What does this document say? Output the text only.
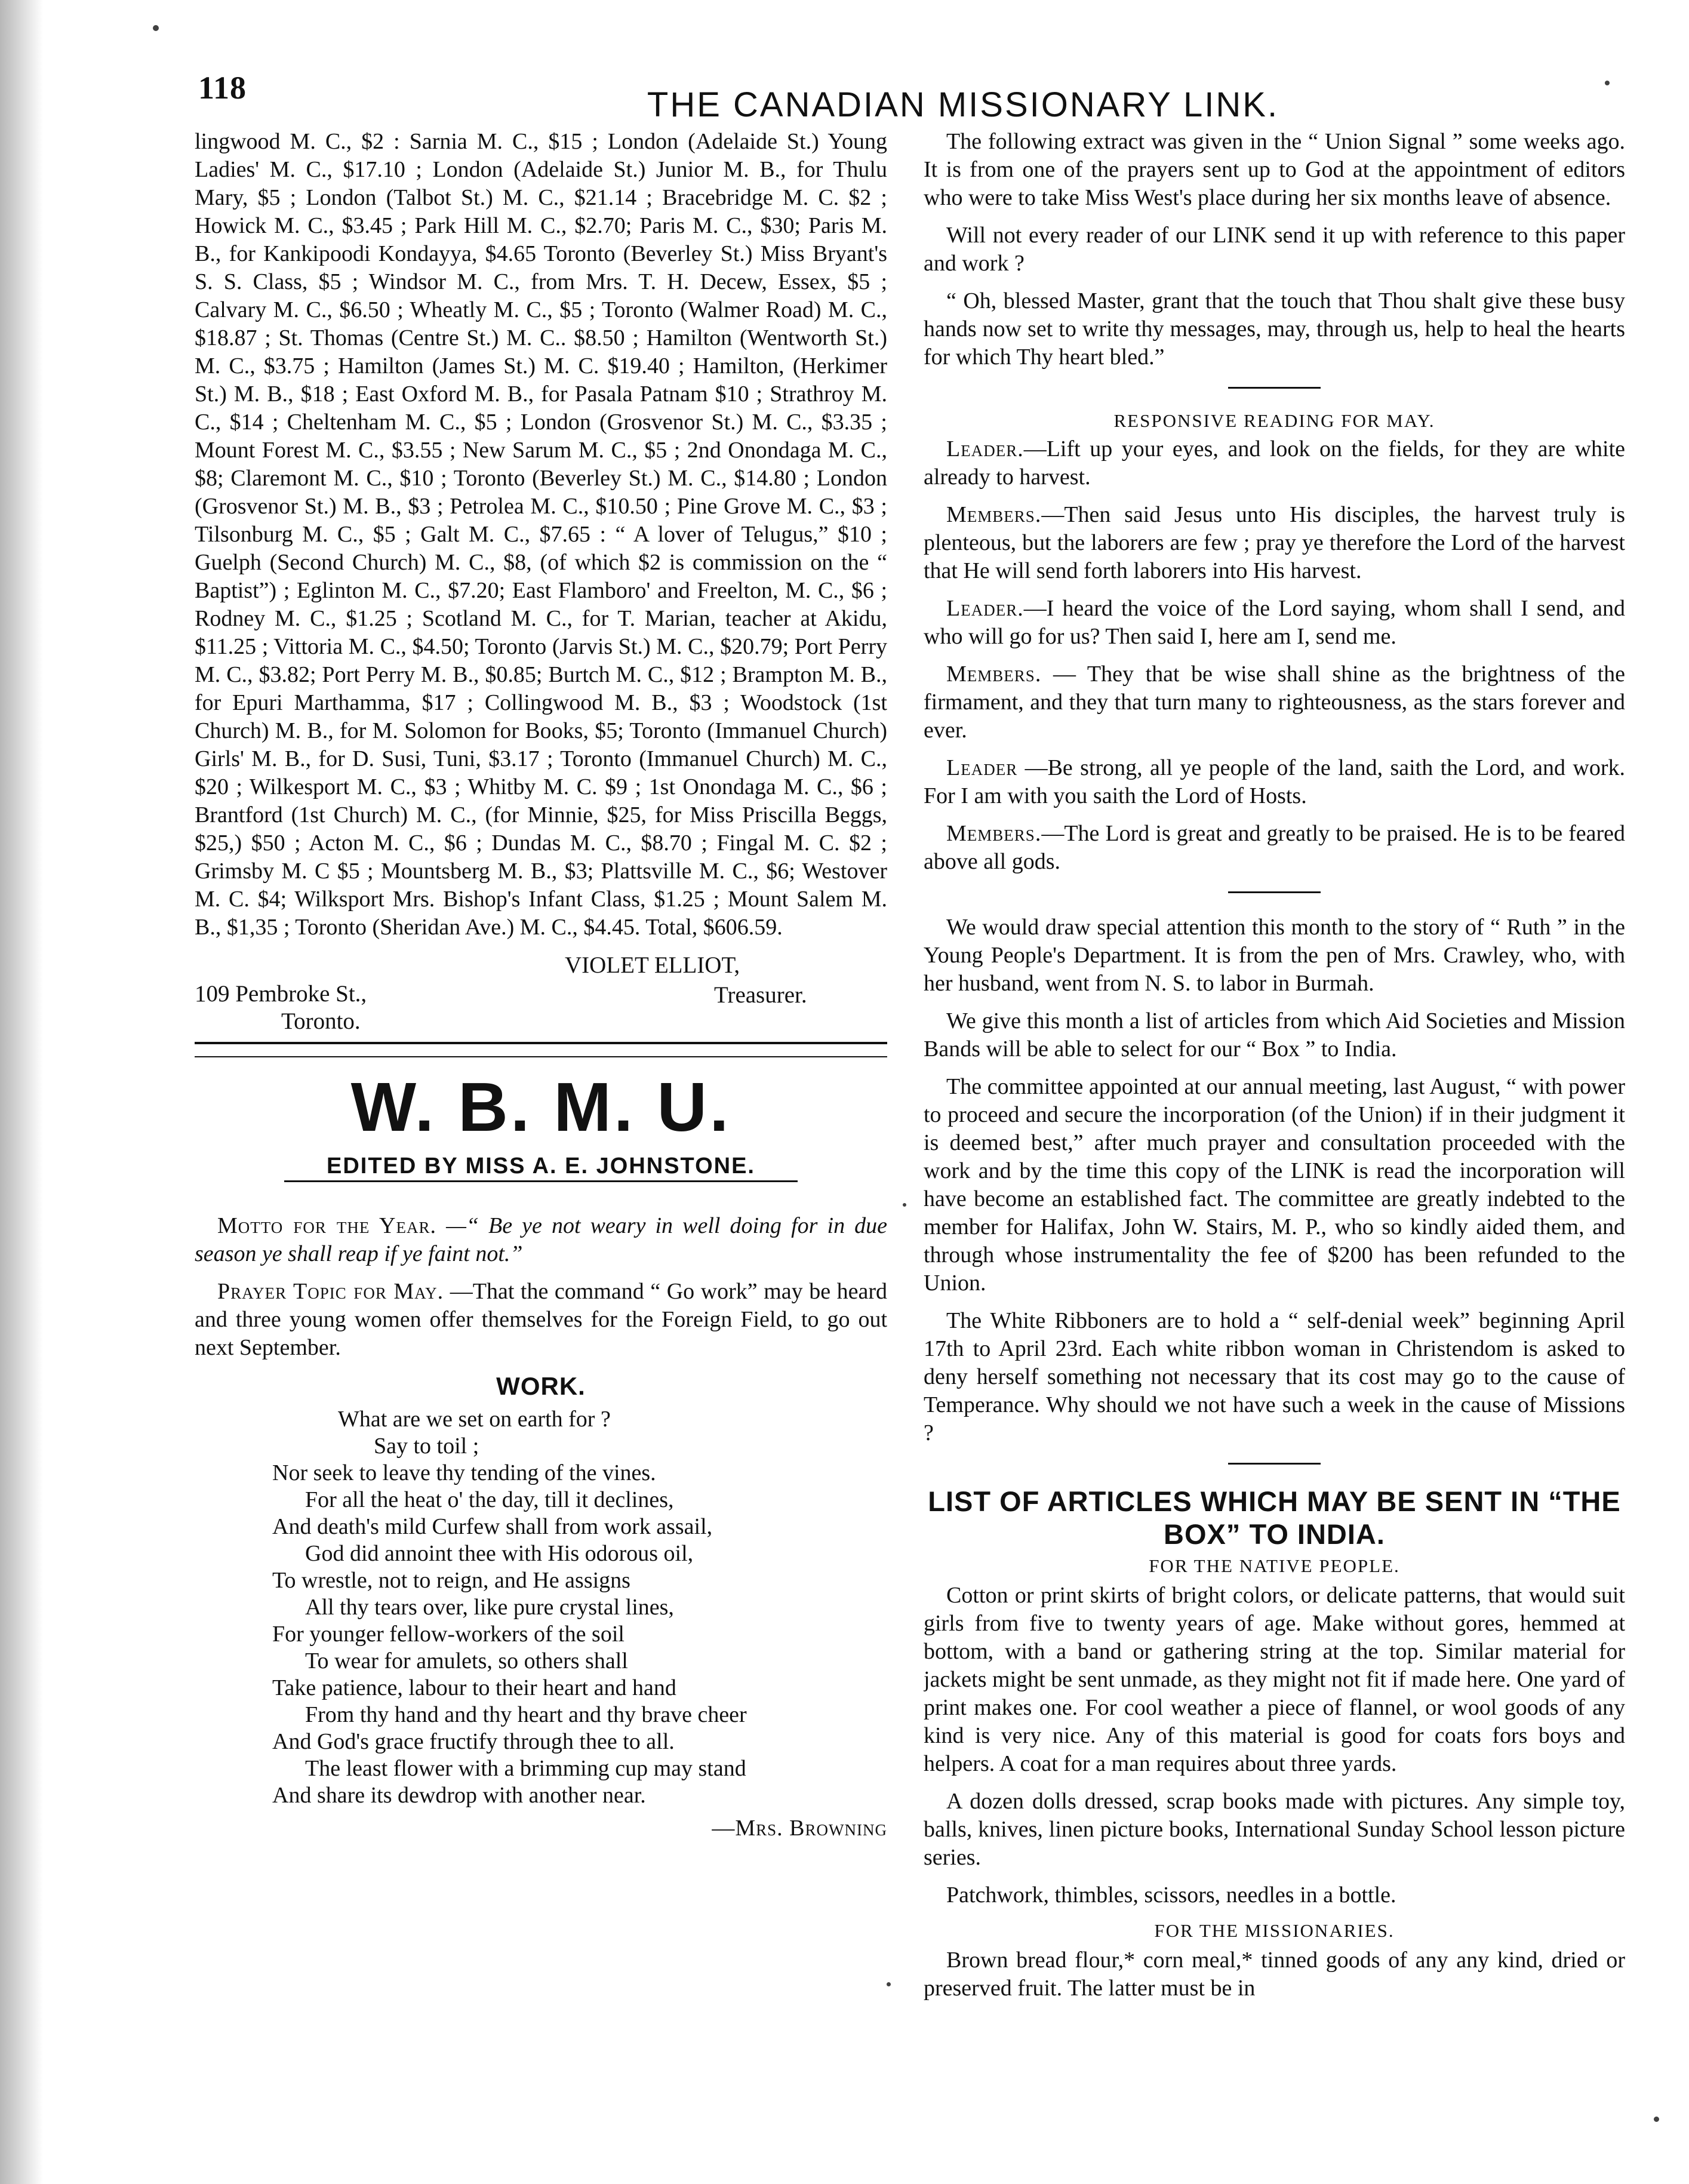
118	THE CANADIAN MISSIONARY LINK.

lingwood M. C., $2 : Sarnia M. C., $15 ; London (Adelaide St.) Young Ladies' M. C., $17.10 ; London (Adelaide St.) Junior M. B., for Thulu Mary, $5 ; London (Talbot St.) M. C., $21.14 ; Bracebridge M. C. $2 ; Howick M. C., $3.45 ; Park Hill M. C., $2.70; Paris M. C., $30; Paris M. B., for Kankipoodi Kondayya, $4.65 Toronto (Beverley St.) Miss Bryant's S. S. Class, $5 ; Windsor M. C., from Mrs. T. H. Decew, Essex, $5 ; Calvary M. C., $6.50 ; Wheatly M. C., $5 ; Toronto (Walmer Road) M. C., $18.87 ; St. Thomas (Centre St.) M. C.. $8.50 ; Hamilton (Wentworth St.) M. C., $3.75 ; Hamilton (James St.) M. C. $19.40 ; Hamilton, (Herkimer St.) M. B., $18 ; East Oxford M. B., for Pasala Patnam $10 ; Strathroy M. C., $14 ; Cheltenham M. C., $5 ; London (Grosvenor St.) M. C., $3.35 ; Mount Forest M. C., $3.55 ; New Sarum M. C., $5 ; 2nd Onondaga M. C., $8; Claremont M. C., $10 ; Toronto (Beverley St.) M. C., $14.80 ; London (Grosvenor St.) M. B., $3 ; Petrolea M. C., $10.50 ; Pine Grove M. C., $3 ; Tilsonburg M. C., $5 ; Galt M. C., $7.65 : “ A lover of Telugus,” $10 ; Guelph (Second Church) M. C., $8, (of which $2 is commission on the “ Baptist”) ; Eglinton M. C., $7.20; East Flamboro' and Freelton, M. C., $6 ; Rodney M. C., $1.25 ; Scotland M. C., for T. Marian, teacher at Akidu, $11.25 ; Vittoria M. C., $4.50; Toronto (Jarvis St.) M. C., $20.79; Port Perry M. C., $3.82; Port Perry M. B., $0.85; Burtch M. C., $12 ; Brampton M. B., for Epuri Marthamma, $17 ; Collingwood M. B., $3 ; Woodstock (1st Church) M. B., for M. Solomon for Books, $5; Toronto (Immanuel Church) Girls' M. B., for D. Susi, Tuni, $3.17 ; Toronto (Immanuel Church) M. C., $20 ; Wilkesport M. C., $3 ; Whitby M. C. $9 ; 1st Onondaga M. C., $6 ; Brantford (1st Church) M. C., (for Minnie, $25, for Miss Priscilla Beggs, $25,) $50 ; Acton M. C., $6 ; Dundas M. C., $8.70 ; Fingal M. C. $2 ; Grimsby M. C $5 ; Mountsberg M. B., $3; Plattsville M. C., $6; Westover M. C. $4; Wilksport Mrs. Bishop's Infant Class, $1.25 ; Mount Salem M. B., $1,35 ; Toronto (Sheridan Ave.) M. C., $4.45. Total, $606.59.

VIOLET ELLIOT,
Treasurer.
109 Pembroke St.,
Toronto.
W. B. M. U.
EDITED BY MISS A. E. JOHNSTONE.

Motto for the Year. —“ Be ye not weary in well doing for in due season ye shall reap if ye faint not.”

Prayer Topic for May. —That the command “ Go work” may be heard and three young women offer themselves for the Foreign Field, to go out next September.

WORK.

What are we set on earth for ?

Say to toil ;

Nor seek to leave thy tending of the vines.

For all the heat o' the day, till it declines,

And death's mild Curfew shall from work assail,

God did annoint thee with His odorous oil,

To wrestle, not to reign, and He assigns

All thy tears over, like pure crystal lines,

For younger fellow-workers of the soil

To wear for amulets, so others shall

Take patience, labour to their heart and hand

From thy hand and thy heart and thy brave cheer

And God's grace fructify through thee to all.

The least flower with a brimming cup may stand

And share its dewdrop with another near.

—Mrs. Browning

The following extract was given in the “ Union Signal ” some weeks ago. It is from one of the prayers sent up to God at the appointment of editors who were to take Miss West's place during her six months leave of absence.

Will not every reader of our LINK send it up with reference to this paper and work ?

“ Oh, blessed Master, grant that the touch that Thou shalt give these busy hands now set to write thy messages, may, through us, help to heal the hearts for which Thy heart bled.”

RESPONSIVE READING FOR MAY.

Leader.—Lift up your eyes, and look on the fields, for they are white already to harvest.

Members.—Then said Jesus unto His disciples, the harvest truly is plenteous, but the laborers are few ; pray ye therefore the Lord of the harvest that He will send forth laborers into His harvest.

Leader.—I heard the voice of the Lord saying, whom shall I send, and who will go for us? Then said I, here am I, send me.

Members. — They that be wise shall shine as the brightness of the firmament, and they that turn many to righteousness, as the stars forever and ever.

Leader —Be strong, all ye people of the land, saith the Lord, and work. For I am with you saith the Lord of Hosts.

Members.—The Lord is great and greatly to be praised. He is to be feared above all gods.

We would draw special attention this month to the story of “ Ruth ” in the Young People's Department. It is from the pen of Mrs. Crawley, who, with her husband, went from N. S. to labor in Burmah.

We give this month a list of articles from which Aid Societies and Mission Bands will be able to select for our “ Box ” to India.

The committee appointed at our annual meeting, last August, “ with power to proceed and secure the incorporation (of the Union) if in their judgment it is deemed best,” after much prayer and consultation proceeded with the work and by the time this copy of the LINK is read the incorporation will have become an established fact. The committee are greatly indebted to the member for Halifax, John W. Stairs, M. P., who so kindly aided them, and through whose instrumentality the fee of $200 has been refunded to the Union.

The White Ribboners are to hold a “ self-denial week” beginning April 17th to April 23rd. Each white ribbon woman in Christendom is asked to deny herself something not necessary that its cost may go to the cause of Temperance. Why should we not have such a week in the cause of Missions ?

LIST OF ARTICLES WHICH MAY BE SENT IN “THE BOX” TO INDIA.
FOR THE NATIVE PEOPLE.

Cotton or print skirts of bright colors, or delicate patterns, that would suit girls from five to twenty years of age. Make without gores, hemmed at bottom, with a band or gathering string at the top. Similar material for jackets might be sent unmade, as they might not fit if made here. One yard of print makes one. For cool weather a piece of flannel, or wool goods of any kind is very nice. Any of this material is good for coats fors boys and helpers. A coat for a man requires about three yards.

A dozen dolls dressed, scrap books made with pictures. Any simple toy, balls, knives, linen picture books, International Sunday School lesson picture series.

Patchwork, thimbles, scissors, needles in a bottle.

FOR THE MISSIONARIES.

Brown bread flour,* corn meal,* tinned goods of any any kind, dried or preserved fruit. The latter must be in
